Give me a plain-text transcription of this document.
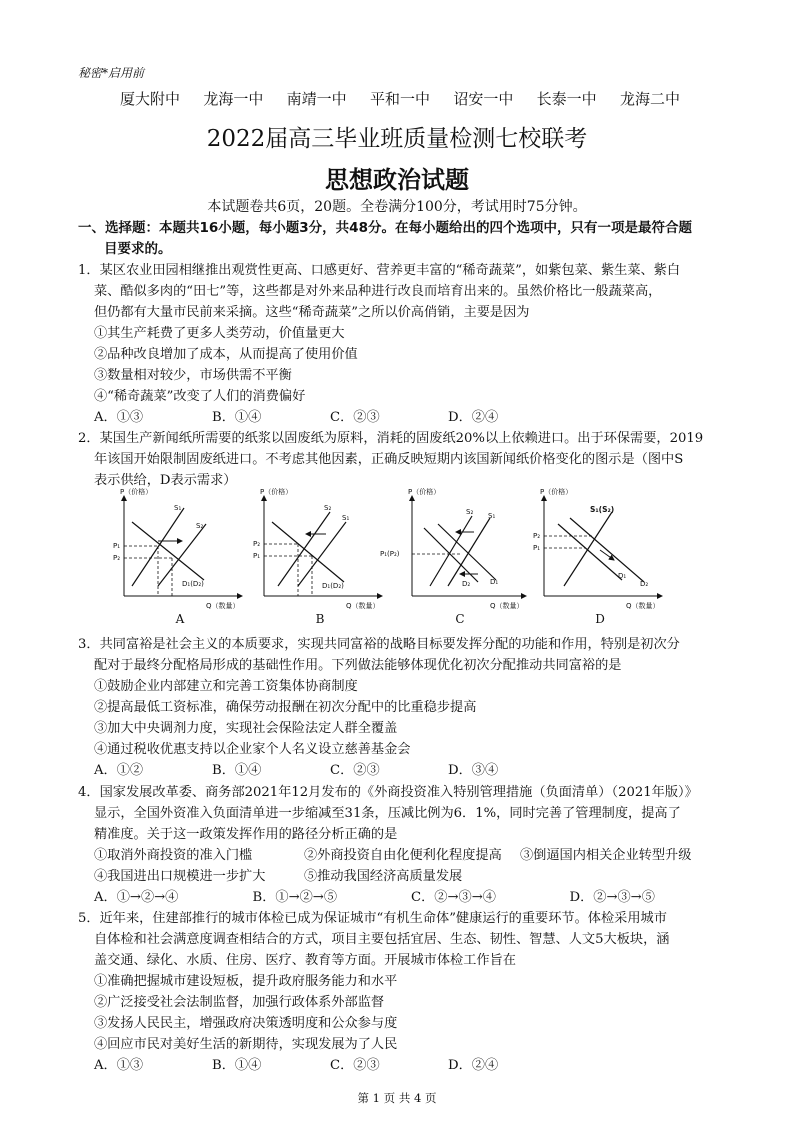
秘密*启用前
厦大附中 龙海一中 南靖一中 平和一中 诏安一中 长泰一中 龙海二中
2022届高三毕业班质量检测七校联考
思想政治试题
本试题卷共6页，20题。全卷满分100分，考试用时75分钟。
一、选择题：本题共16小题，每小题3分，共48分。在每小题给出的四个选项中，只有一项是最符合题
目要求的。
1．某区农业田园相继推出观赏性更高、口感更好、营养更丰富的“稀奇蔬菜”，如紫包菜、紫生菜、紫白
菜、酷似多肉的“田七”等，这些都是对外来品种进行改良而培育出来的。虽然价格比一般蔬菜高，
但仍都有大量市民前来采摘。这些“稀奇蔬菜”之所以价高俏销，主要是因为
①其生产耗费了更多人类劳动，价值量更大
②品种改良增加了成本，从而提高了使用价值
③数量相对较少，市场供需不平衡
④“稀奇蔬菜”改变了人们的消费偏好
A．①③	B．①④	C．②③	D．②④
2．某国生产新闻纸所需要的纸浆以固废纸为原料，消耗的固废纸20%以上依赖进口。出于环保需要，2019
年该国开始限制固废纸进口。不考虑其他因素，正确反映短期内该国新闻纸价格变化的图示是（图中S
表示供给，D表示需求）
P（价格）
Q（数量）
S₁
S₂
D₁(D₂)
P₁
P₂
A
P（价格）
Q（数量）
S₂
S₁
D₁(D₂)
P₂
P₁
B
P（价格）
Q（数量）
S₂ S₁
D₂	D₁
P₁(P₂)
C
P（价格）
Q（数量）
S₁(S₂)
D₁
D₂
P₂
P₁
D
3．共同富裕是社会主义的本质要求，实现共同富裕的战略目标要发挥分配的功能和作用，特别是初次分
配对于最终分配格局形成的基础性作用。下列做法能够体现优化初次分配推动共同富裕的是
①鼓励企业内部建立和完善工资集体协商制度
②提高最低工资标准，确保劳动报酬在初次分配中的比重稳步提高
③加大中央调剂力度，实现社会保险法定人群全覆盖
④通过税收优惠支持以企业家个人名义设立慈善基金会
A．①②	B．①④	C．②③	D．③④
4．国家发展改革委、商务部2021年12月发布的《外商投资准入特别管理措施（负面清单）（2021年版）》
显示，全国外资准入负面清单进一步缩减至31条，压减比例为6．1%，同时完善了管理制度，提高了
精准度。关于这一政策发挥作用的路径分析正确的是
①取消外商投资的准入门槛	②外商投资自由化便利化程度提高	③倒逼国内相关企业转型升级
④我国进出口规模进一步扩大	⑤推动我国经济高质量发展
A．①→②→④	B．①→②→⑤	C．②→③→④	D．②→③→⑤
5．近年来，住建部推行的城市体检已成为保证城市“有机生命体”健康运行的重要环节。体检采用城市
自体检和社会满意度调查相结合的方式，项目主要包括宜居、生态、韧性、智慧、人文5大板块，涵
盖交通、绿化、水质、住房、医疗、教育等方面。开展城市体检工作旨在
①准确把握城市建设短板，提升政府服务能力和水平
②广泛接受社会法制监督，加强行政体系外部监督
③发扬人民民主，增强政府决策透明度和公众参与度
④回应市民对美好生活的新期待，实现发展为了人民
A．①③	B．①④	C．②③	D．②④
第 1 页 共 4 页
